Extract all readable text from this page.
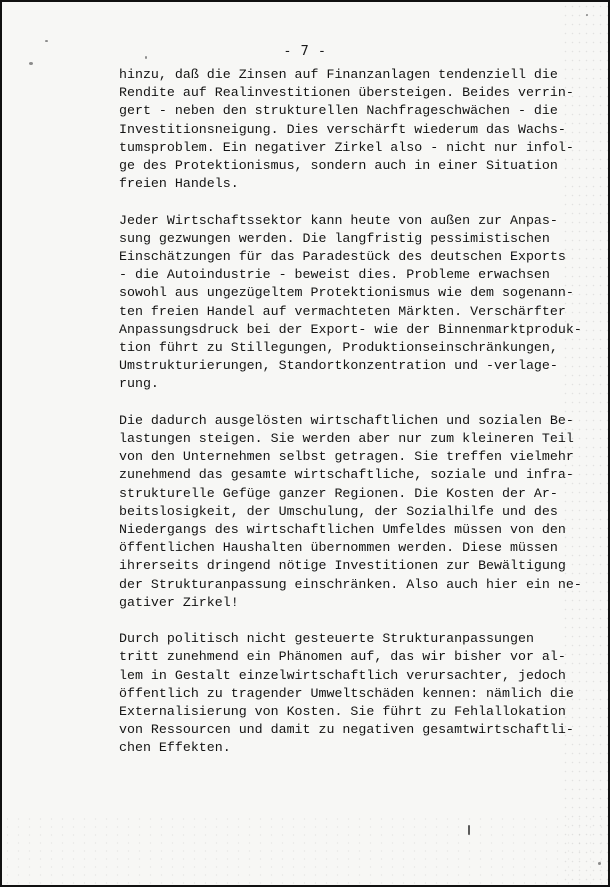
- 7 -

hinzu, daß die Zinsen auf Finanzanlagen tendenziell die
Rendite auf Realinvestitionen übersteigen. Beides verrin-
gert - neben den strukturellen Nachfrageschwächen - die
Investitionsneigung. Dies verschärft wiederum das Wachs-
tumsproblem. Ein negativer Zirkel also - nicht nur infol-
ge des Protektionismus, sondern auch in einer Situation
freien Handels.

Jeder Wirtschaftssektor kann heute von außen zur Anpas-
sung gezwungen werden. Die langfristig pessimistischen
Einschätzungen für das Paradestück des deutschen Exports
- die Autoindustrie - beweist dies. Probleme erwachsen
sowohl aus ungezügeltem Protektionismus wie dem sogenann-
ten freien Handel auf vermachteten Märkten. Verschärfter
Anpassungsdruck bei der Export- wie der Binnenmarktproduk-
tion führt zu Stillegungen, Produktionseinschränkungen,
Umstrukturierungen, Standortkonzentration und -verlage-
rung.

Die dadurch ausgelösten wirtschaftlichen und sozialen Be-
lastungen steigen. Sie werden aber nur zum kleineren Teil
von den Unternehmen selbst getragen. Sie treffen vielmehr
zunehmend das gesamte wirtschaftliche, soziale und infra-
strukturelle Gefüge ganzer Regionen. Die Kosten der Ar-
beitslosigkeit, der Umschulung, der Sozialhilfe und des
Niedergangs des wirtschaftlichen Umfeldes müssen von den
öffentlichen Haushalten übernommen werden. Diese müssen
ihrerseits dringend nötige Investitionen zur Bewältigung
der Strukturanpassung einschränken. Also auch hier ein ne-
gativer Zirkel!

Durch politisch nicht gesteuerte Strukturanpassungen
tritt zunehmend ein Phänomen auf, das wir bisher vor al-
lem in Gestalt einzelwirtschaftlich verursachter, jedoch
öffentlich zu tragender Umweltschäden kennen: nämlich die
Externalisierung von Kosten. Sie führt zu Fehlallokation
von Ressourcen und damit zu negativen gesamtwirtschaftli-
chen Effekten.
